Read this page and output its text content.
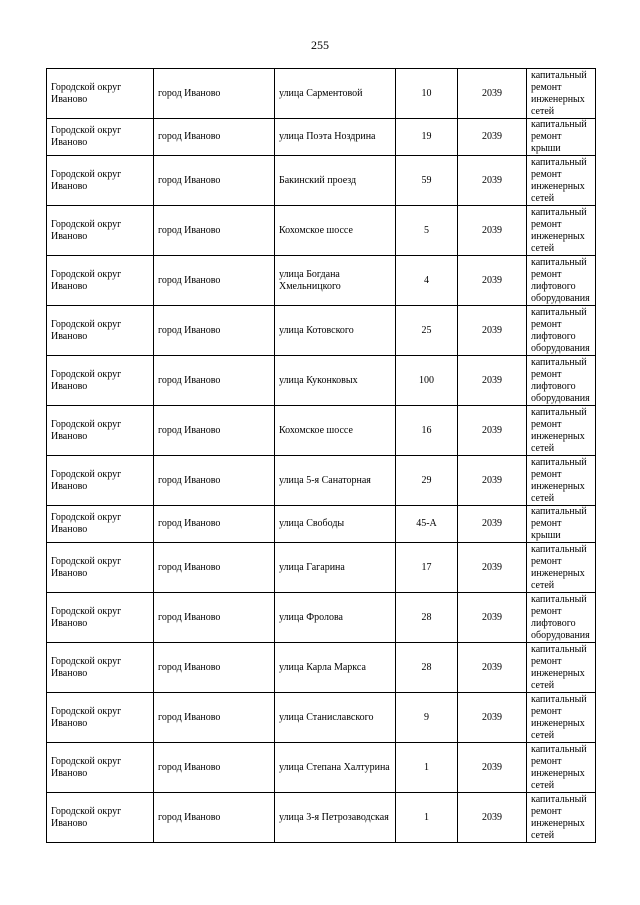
255
Городской округ Иваново	город Иваново	улица Сарментовой	10	2039	капитальный ремонт инженерных сетей

Городской округ Иваново	город Иваново	улица Поэта Ноздрина	19	2039	капитальный ремонт крыши

Городской округ Иваново	город Иваново	Бакинский проезд	59	2039	капитальный ремонт инженерных сетей

Городской округ Иваново	город Иваново	Кохомское шоссе	5	2039	капитальный ремонт инженерных сетей

Городской округ Иваново	город Иваново	улица Богдана Хмельницкого	4	2039	капитальный ремонт лифтового оборудования

Городской округ Иваново	город Иваново	улица Котовского	25	2039	капитальный ремонт лифтового оборудования

Городской округ Иваново	город Иваново	улица Куконковых	100	2039	капитальный ремонт лифтового оборудования

Городской округ Иваново	город Иваново	Кохомское шоссе	16	2039	капитальный ремонт инженерных сетей

Городской округ Иваново	город Иваново	улица 5-я Санаторная	29	2039	капитальный ремонт инженерных сетей

Городской округ Иваново	город Иваново	улица Свободы	45-А	2039	капитальный ремонт крыши

Городской округ Иваново	город Иваново	улица Гагарина	17	2039	капитальный ремонт инженерных сетей

Городской округ Иваново	город Иваново	улица Фролова	28	2039	капитальный ремонт лифтового оборудования

Городской округ Иваново	город Иваново	улица Карла Маркса	28	2039	капитальный ремонт инженерных сетей

Городской округ Иваново	город Иваново	улица Станиславского	9	2039	капитальный ремонт инженерных сетей

Городской округ Иваново	город Иваново	улица Степана Халтурина	1	2039	капитальный ремонт инженерных сетей

Городской округ Иваново	город Иваново	улица 3-я Петрозаводская	1	2039	капитальный ремонт инженерных сетей
